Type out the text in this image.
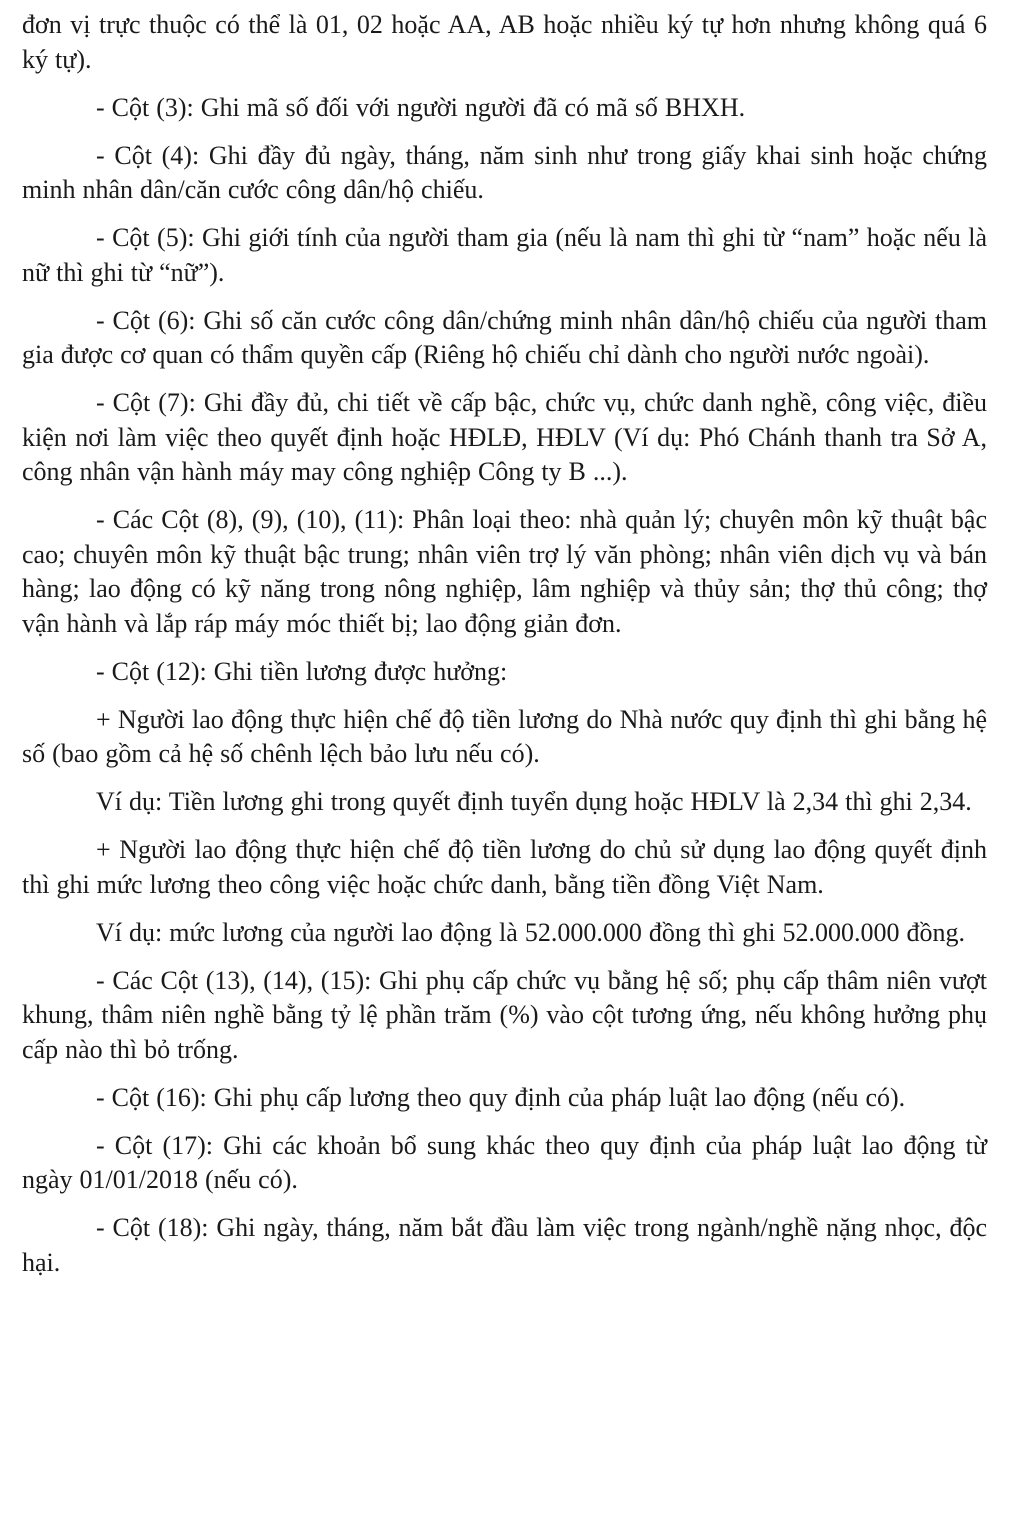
đơn vị trực thuộc có thể là 01, 02 hoặc AA, AB hoặc nhiều ký tự hơn nhưng không quá 6 ký tự).

- Cột (3): Ghi mã số đối với người người đã có mã số BHXH.

- Cột (4): Ghi đầy đủ ngày, tháng, năm sinh như trong giấy khai sinh hoặc chứng minh nhân dân/căn cước công dân/hộ chiếu.

- Cột (5): Ghi giới tính của người tham gia (nếu là nam thì ghi từ “nam” hoặc nếu là nữ thì ghi từ “nữ”).

- Cột (6): Ghi số căn cước công dân/chứng minh nhân dân/hộ chiếu của người tham gia được cơ quan có thẩm quyền cấp (Riêng hộ chiếu chỉ dành cho người nước ngoài).

- Cột (7): Ghi đầy đủ, chi tiết về cấp bậc, chức vụ, chức danh nghề, công việc, điều kiện nơi làm việc theo quyết định hoặc HĐLĐ, HĐLV (Ví dụ: Phó Chánh thanh tra Sở A, công nhân vận hành máy may công nghiệp Công ty B ...).

- Các Cột (8), (9), (10), (11): Phân loại theo: nhà quản lý; chuyên môn kỹ thuật bậc cao; chuyên môn kỹ thuật bậc trung; nhân viên trợ lý văn phòng; nhân viên dịch vụ và bán hàng; lao động có kỹ năng trong nông nghiệp, lâm nghiệp và thủy sản; thợ thủ công; thợ vận hành và lắp ráp máy móc thiết bị; lao động giản đơn.

- Cột (12): Ghi tiền lương được hưởng:

+ Người lao động thực hiện chế độ tiền lương do Nhà nước quy định thì ghi bằng hệ số (bao gồm cả hệ số chênh lệch bảo lưu nếu có).

Ví dụ: Tiền lương ghi trong quyết định tuyển dụng hoặc HĐLV là 2,34 thì ghi 2,34.

+ Người lao động thực hiện chế độ tiền lương do chủ sử dụng lao động quyết định thì ghi mức lương theo công việc hoặc chức danh, bằng tiền đồng Việt Nam.

Ví dụ: mức lương của người lao động là 52.000.000 đồng thì ghi 52.000.000 đồng.

- Các Cột (13), (14), (15): Ghi phụ cấp chức vụ bằng hệ số; phụ cấp thâm niên vượt khung, thâm niên nghề bằng tỷ lệ phần trăm (%) vào cột tương ứng, nếu không hưởng phụ cấp nào thì bỏ trống.

- Cột (16): Ghi phụ cấp lương theo quy định của pháp luật lao động (nếu có).

- Cột (17): Ghi các khoản bổ sung khác theo quy định của pháp luật lao động từ ngày 01/01/2018 (nếu có).

- Cột (18): Ghi ngày, tháng, năm bắt đầu làm việc trong ngành/nghề nặng nhọc, độc hại.
